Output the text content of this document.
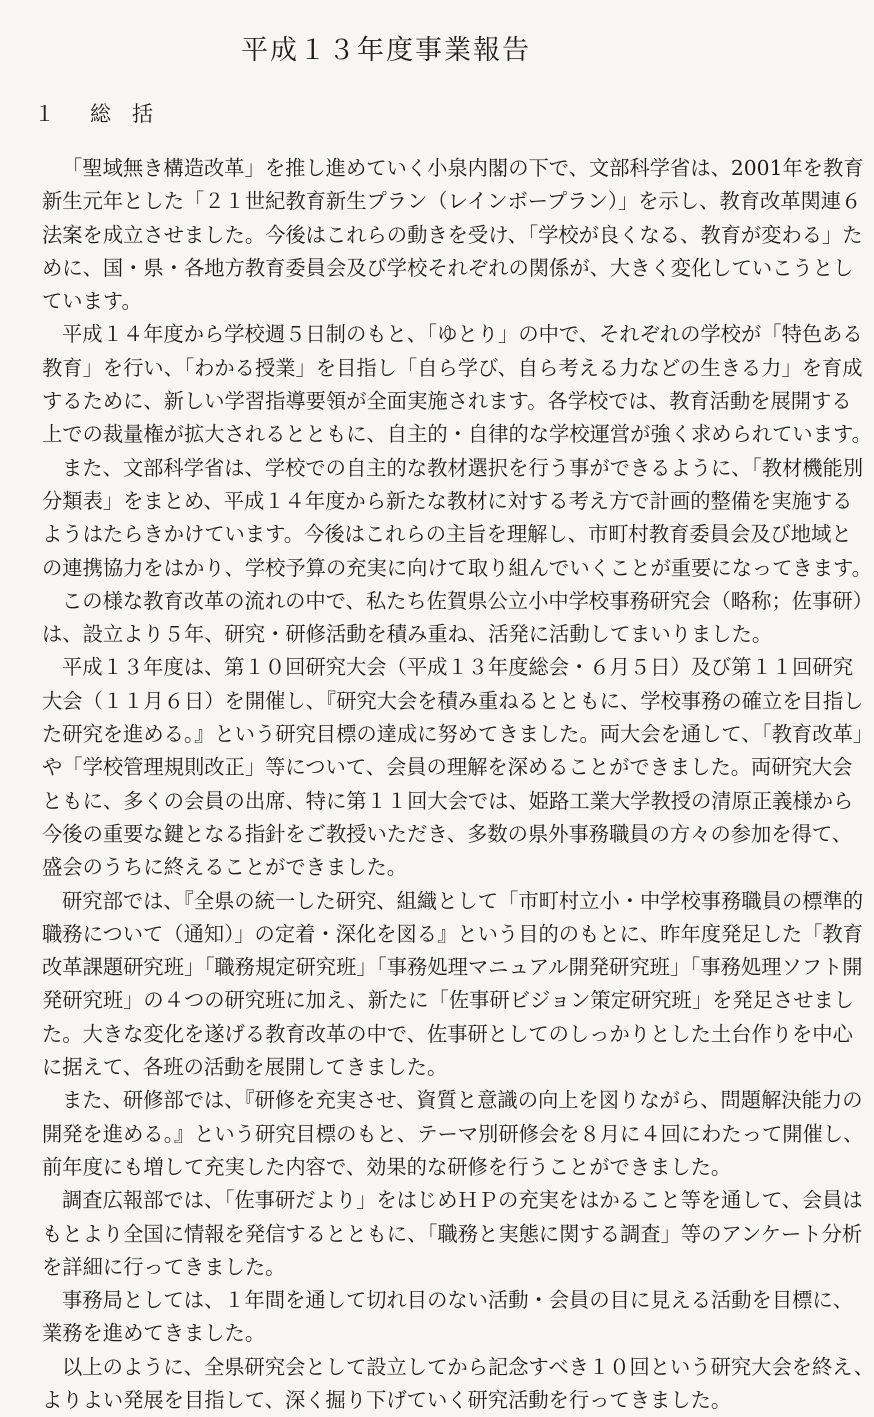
平成１３年度事業報告
１ 総　括

「聖域無き構造改革」を推し進めていく小泉内閣の下で、文部科学省は、2001年を教育
新生元年とした「２１世紀教育新生プラン（レインボープラン）」を示し、教育改革関連６
法案を成立させました。今後はこれらの動きを受け、「学校が良くなる、教育が変わる」た
めに、国・県・各地方教育委員会及び学校それぞれの関係が、大きく変化していこうとし
ています。

平成１４年度から学校週５日制のもと、「ゆとり」の中で、それぞれの学校が「特色ある
教育」を行い、「わかる授業」を目指し「自ら学び、自ら考える力などの生きる力」を育成
するために、新しい学習指導要領が全面実施されます。各学校では、教育活動を展開する
上での裁量権が拡大されるとともに、自主的・自律的な学校運営が強く求められています。

また、文部科学省は、学校での自主的な教材選択を行う事ができるように、「教材機能別
分類表」をまとめ、平成１４年度から新たな教材に対する考え方で計画的整備を実施する
ようはたらきかけています。今後はこれらの主旨を理解し、市町村教育委員会及び地域と
の連携協力をはかり、学校予算の充実に向けて取り組んでいくことが重要になってきます。

この様な教育改革の流れの中で、私たち佐賀県公立小中学校事務研究会（略称；佐事研）
は、設立より５年、研究・研修活動を積み重ね、活発に活動してまいりました。

平成１３年度は、第１０回研究大会（平成１３年度総会・６月５日）及び第１１回研究
大会（１１月６日）を開催し、『研究大会を積み重ねるとともに、学校事務の確立を目指し
た研究を進める。』という研究目標の達成に努めてきました。両大会を通して、「教育改革」
や「学校管理規則改正」等について、会員の理解を深めることができました。両研究大会
ともに、多くの会員の出席、特に第１１回大会では、姫路工業大学教授の清原正義様から
今後の重要な鍵となる指針をご教授いただき、多数の県外事務職員の方々の参加を得て、
盛会のうちに終えることができました。

研究部では、『全県の統一した研究、組織として「市町村立小・中学校事務職員の標準的
職務について（通知）」の定着・深化を図る』という目的のもとに、昨年度発足した「教育
改革課題研究班」「職務規定研究班」「事務処理マニュアル開発研究班」「事務処理ソフト開
発研究班」の４つの研究班に加え、新たに「佐事研ビジョン策定研究班」を発足させまし
た。大きな変化を遂げる教育改革の中で、佐事研としてのしっかりとした土台作りを中心
に据えて、各班の活動を展開してきました。

また、研修部では、『研修を充実させ、資質と意識の向上を図りながら、問題解決能力の
開発を進める。』という研究目標のもと、テーマ別研修会を８月に４回にわたって開催し、
前年度にも増して充実した内容で、効果的な研修を行うことができました。

調査広報部では、「佐事研だより」をはじめＨＰの充実をはかること等を通して、会員は
もとより全国に情報を発信するとともに、「職務と実態に関する調査」等のアンケート分析
を詳細に行ってきました。

事務局としては、１年間を通して切れ目のない活動・会員の目に見える活動を目標に、
業務を進めてきました。

以上のように、全県研究会として設立してから記念すべき１０回という研究大会を終え、
よりよい発展を目指して、深く掘り下げていく研究活動を行ってきました。
